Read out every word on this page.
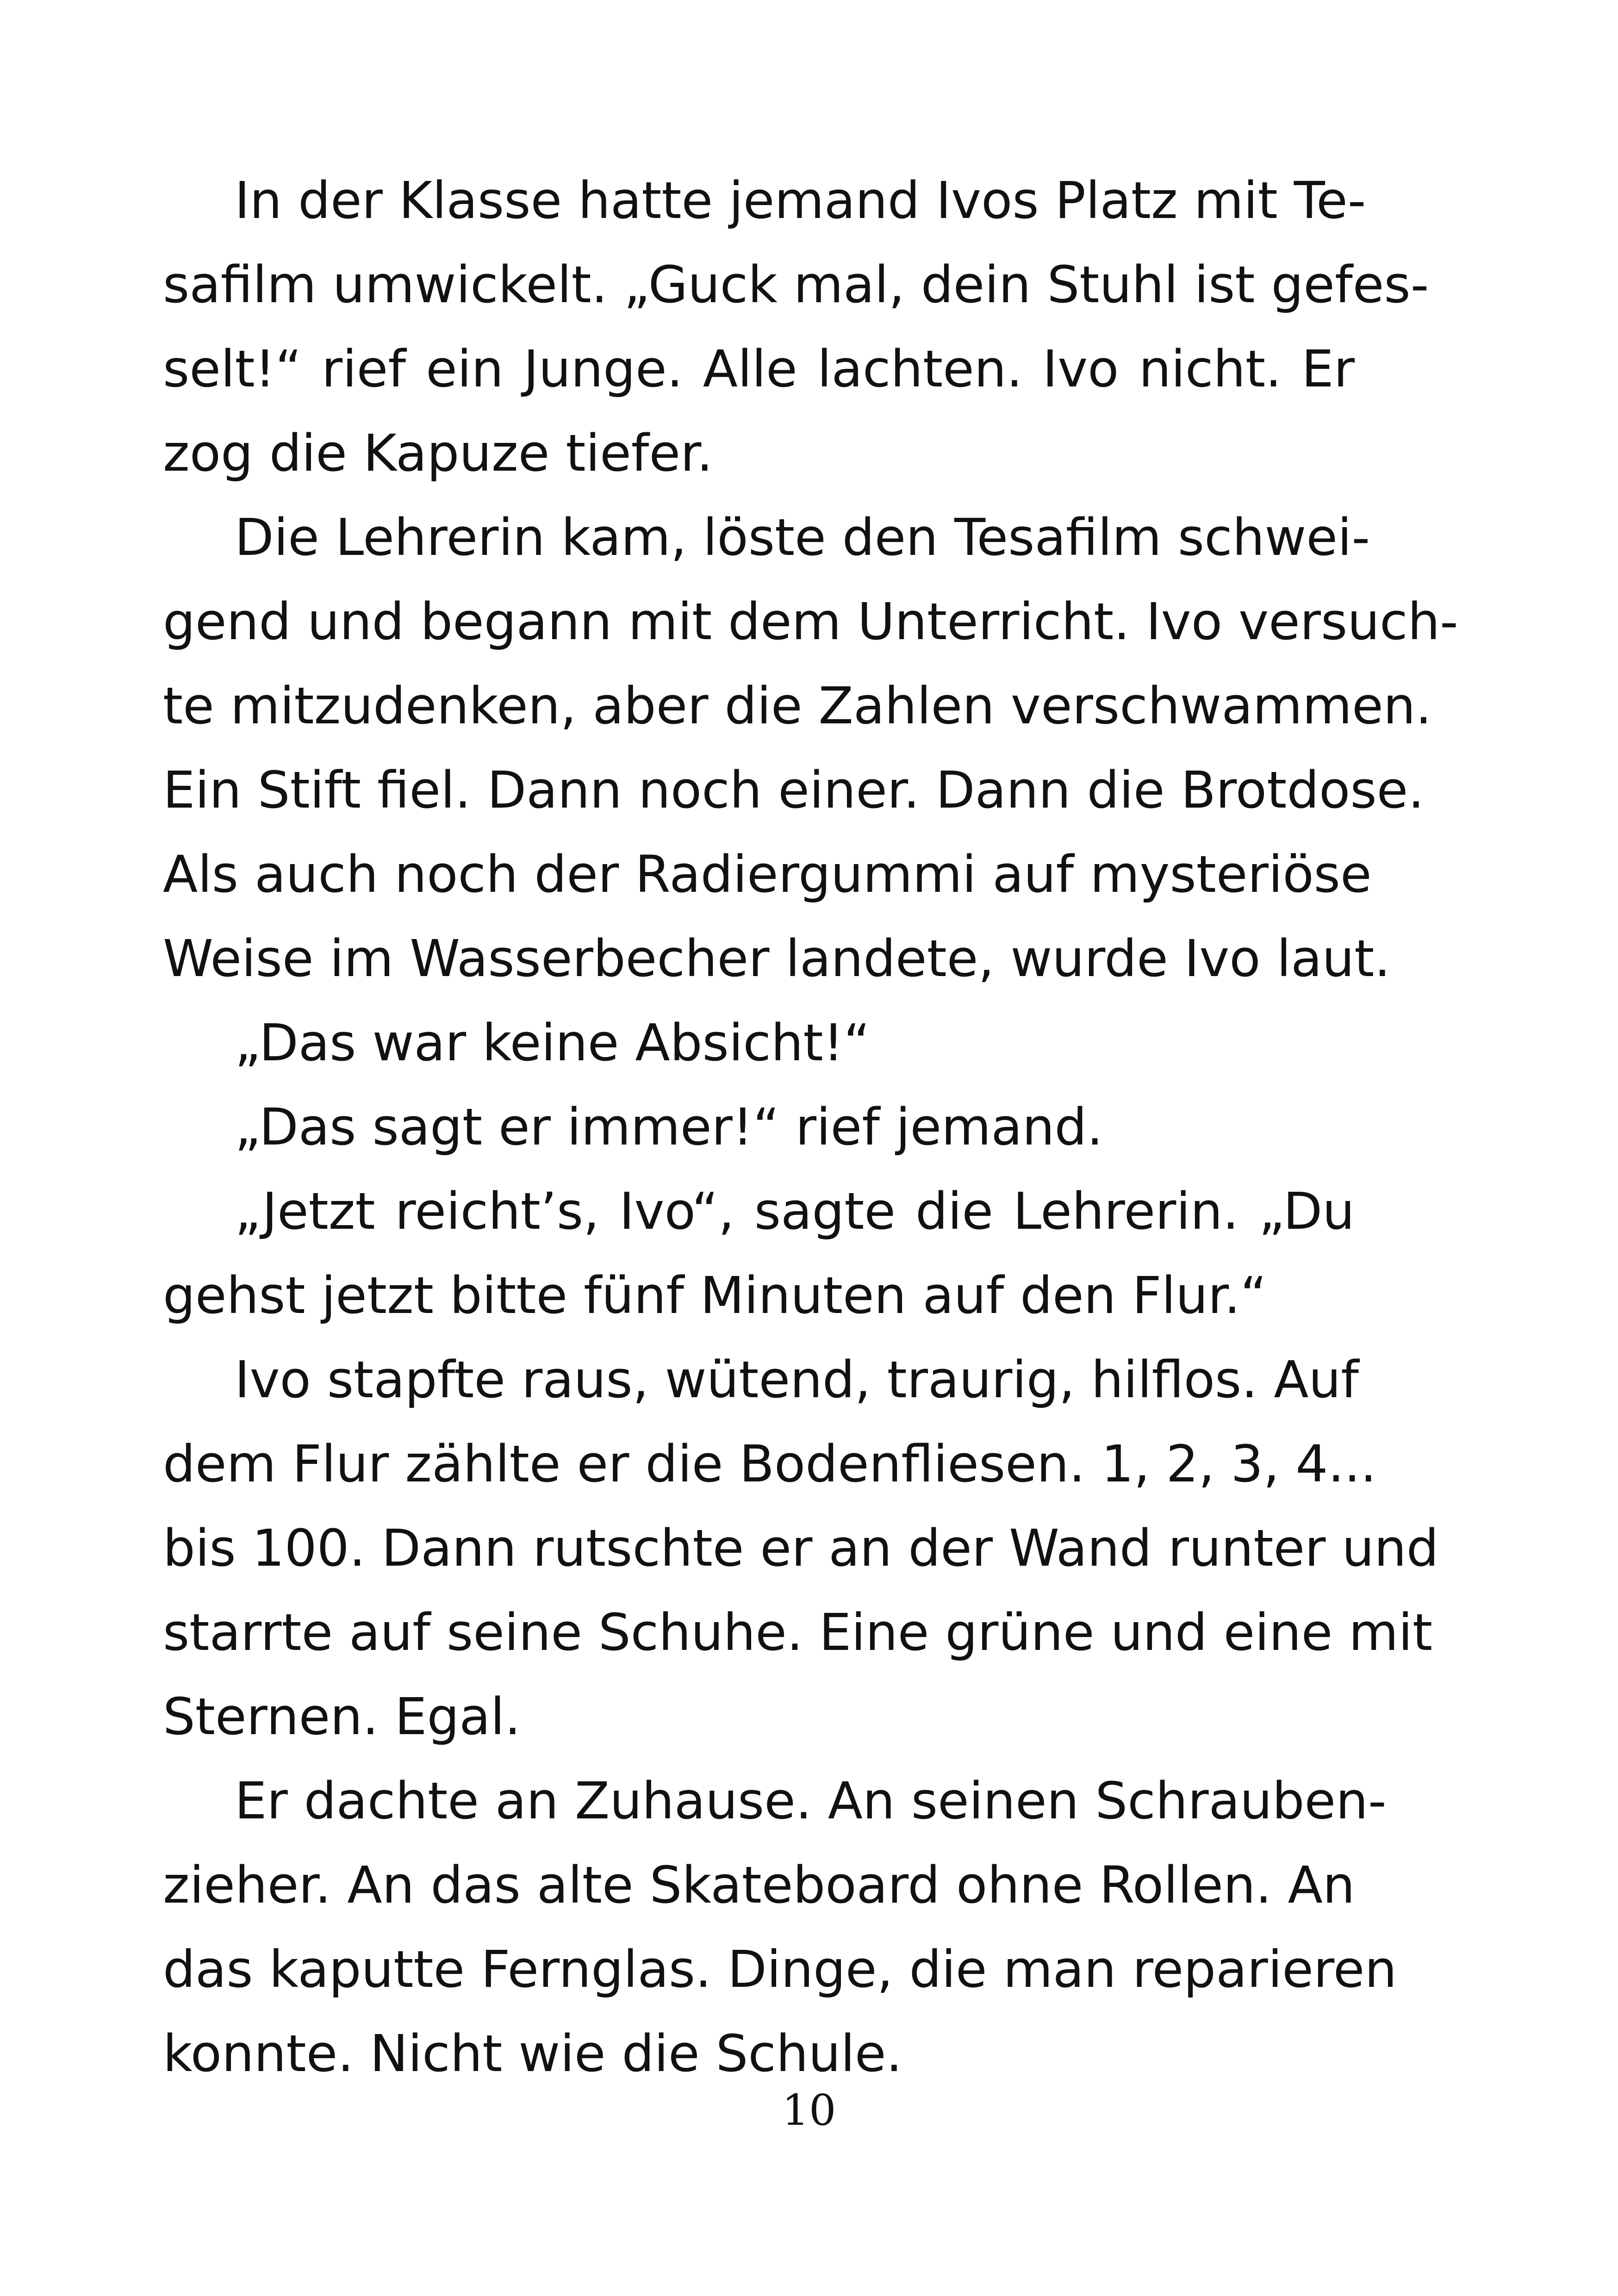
In der Klasse hatte jemand Ivos Platz mit Te-
safilm umwickelt. „Guck mal, dein Stuhl ist gefes-
selt!“ rief ein Junge. Alle lachten. Ivo nicht. Er
zog die Kapuze tiefer.
Die Lehrerin kam, löste den Tesafilm schwei-
gend und begann mit dem Unterricht. Ivo versuch-
te mitzudenken, aber die Zahlen verschwammen.
Ein Stift fiel. Dann noch einer. Dann die Brotdose.
Als auch noch der Radiergummi auf mysteriöse
Weise im Wasserbecher landete, wurde Ivo laut.
„Das war keine Absicht!“
„Das sagt er immer!“ rief jemand.
„Jetzt reicht’s, Ivo“, sagte die Lehrerin. „Du
gehst jetzt bitte fünf Minuten auf den Flur.“
Ivo stapfte raus, wütend, traurig, hilflos. Auf
dem Flur zählte er die Bodenfliesen. 1, 2, 3, 4...
bis 100. Dann rutschte er an der Wand runter und
starrte auf seine Schuhe. Eine grüne und eine mit
Sternen. Egal.
Er dachte an Zuhause. An seinen Schrauben-
zieher. An das alte Skateboard ohne Rollen. An
das kaputte Fernglas. Dinge, die man reparieren
konnte. Nicht wie die Schule.
10
